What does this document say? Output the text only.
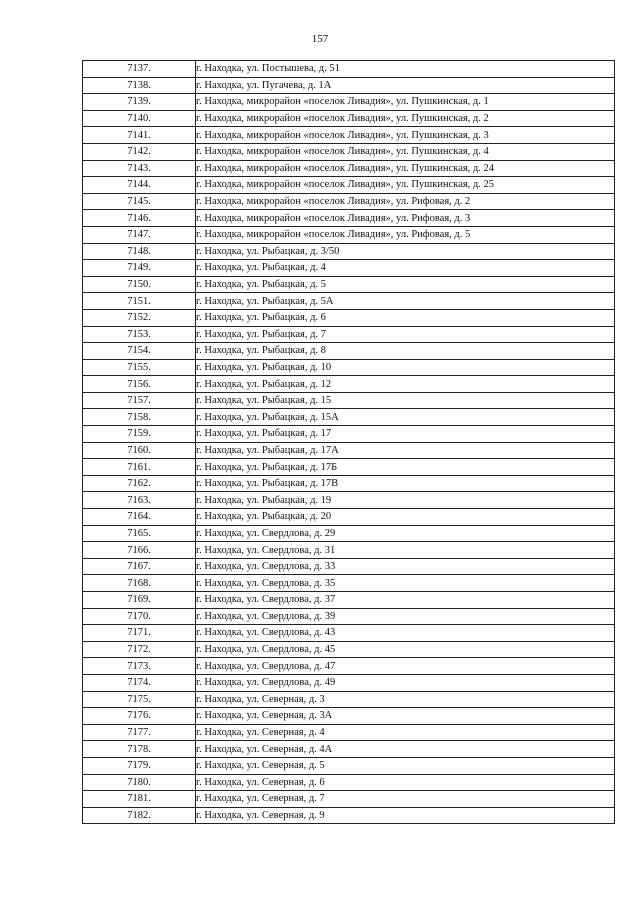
157
7137.	г. Находка, ул. Постышева, д. 51
7138.	г. Находка, ул. Пугачева, д. 1А
7139.	г. Находка, микрорайон «поселок Ливадия», ул. Пушкинская, д. 1
7140.	г. Находка, микрорайон «поселок Ливадия», ул. Пушкинская, д. 2
7141.	г. Находка, микрорайон «поселок Ливадия», ул. Пушкинская, д. 3
7142.	г. Находка, микрорайон «поселок Ливадия», ул. Пушкинская, д. 4
7143.	г. Находка, микрорайон «поселок Ливадия», ул. Пушкинская, д. 24
7144.	г. Находка, микрорайон «поселок Ливадия», ул. Пушкинская, д. 25
7145.	г. Находка, микрорайон «поселок Ливадия», ул. Рифовая, д. 2
7146.	г. Находка, микрорайон «поселок Ливадия», ул. Рифовая, д. 3
7147.	г. Находка, микрорайон «поселок Ливадия», ул. Рифовая, д. 5
7148.	г. Находка, ул. Рыбацкая, д. 3/50
7149.	г. Находка, ул. Рыбацкая, д. 4
7150.	г. Находка, ул. Рыбацкая, д. 5
7151.	г. Находка, ул. Рыбацкая, д. 5А
7152.	г. Находка, ул. Рыбацкая, д. 6
7153.	г. Находка, ул. Рыбацкая, д. 7
7154.	г. Находка, ул. Рыбацкая, д. 8
7155.	г. Находка, ул. Рыбацкая, д. 10
7156.	г. Находка, ул. Рыбацкая, д. 12
7157.	г. Находка, ул. Рыбацкая, д. 15
7158.	г. Находка, ул. Рыбацкая, д. 15А
7159.	г. Находка, ул. Рыбацкая, д. 17
7160.	г. Находка, ул. Рыбацкая, д. 17А
7161.	г. Находка, ул. Рыбацкая, д. 17Б
7162.	г. Находка, ул. Рыбацкая, д. 17В
7163.	г. Находка, ул. Рыбацкая, д. 19
7164.	г. Находка, ул. Рыбацкая, д. 20
7165.	г. Находка, ул. Свердлова, д. 29
7166.	г. Находка, ул. Свердлова, д. 31
7167.	г. Находка, ул. Свердлова, д. 33
7168.	г. Находка, ул. Свердлова, д. 35
7169.	г. Находка, ул. Свердлова, д. 37
7170.	г. Находка, ул. Свердлова, д. 39
7171.	г. Находка, ул. Свердлова, д. 43
7172.	г. Находка, ул. Свердлова, д. 45
7173.	г. Находка, ул. Свердлова, д. 47
7174.	г. Находка, ул. Свердлова, д. 49
7175.	г. Находка, ул. Северная, д. 3
7176.	г. Находка, ул. Северная, д. 3А
7177.	г. Находка, ул. Северная, д. 4
7178.	г. Находка, ул. Северная, д. 4А
7179.	г. Находка, ул. Северная, д. 5
7180.	г. Находка, ул. Северная, д. 6
7181.	г. Находка, ул. Северная, д. 7
7182.	г. Находка, ул. Северная, д. 9
